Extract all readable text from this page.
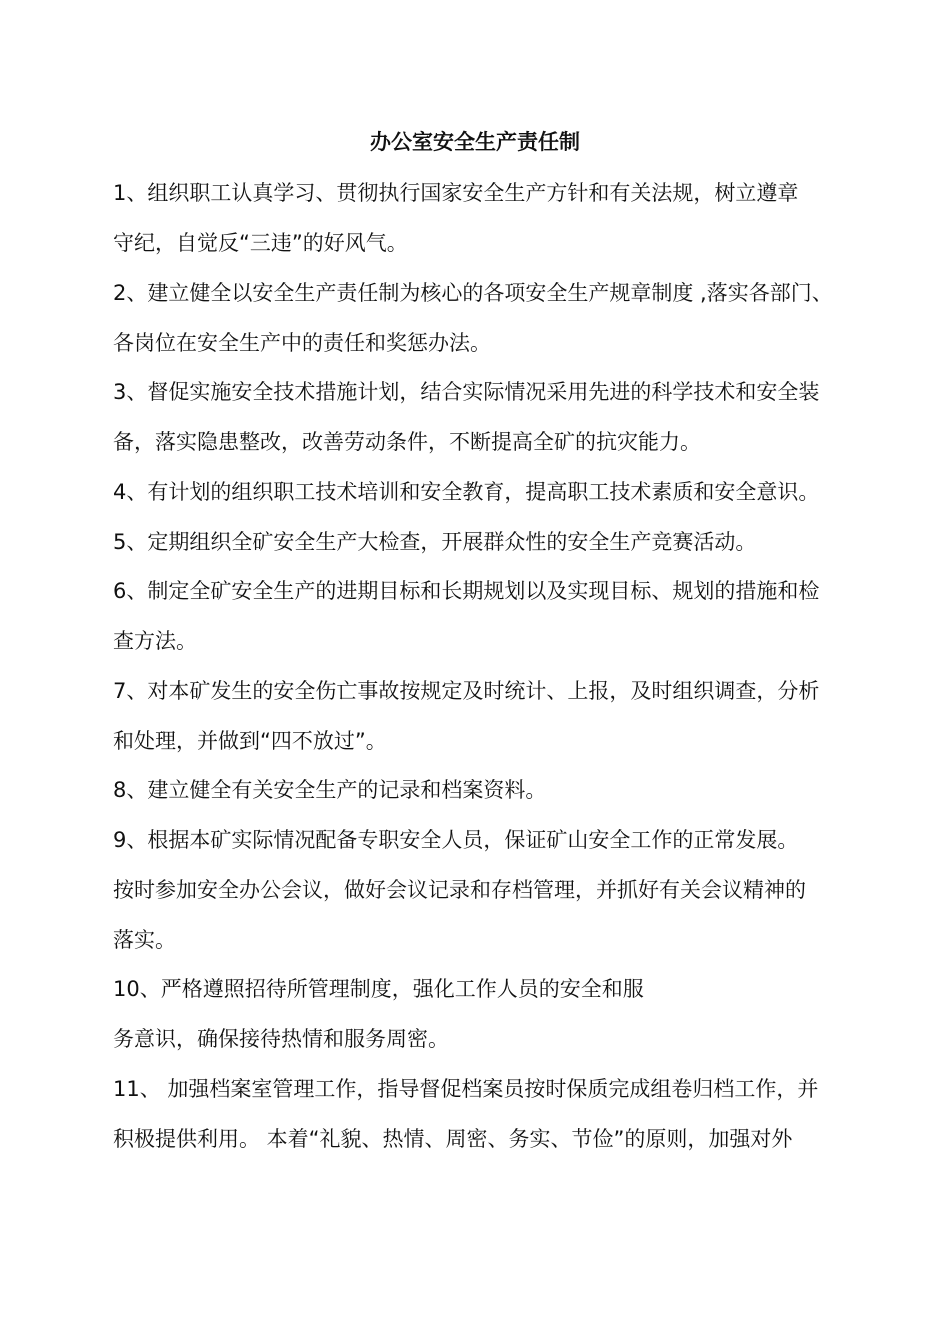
办公室安全生产责任制
1、组织职工认真学习、贯彻执行国家安全生产方针和有关法规，树立遵章
守纪，自觉反“三违”的好风气。
2、建立健全以安全生产责任制为核心的各项安全生产规章制度 ,落实各部门、
各岗位在安全生产中的责任和奖惩办法。
3、督促实施安全技术措施计划，结合实际情况采用先进的科学技术和安全装
备，落实隐患整改，改善劳动条件，不断提高全矿的抗灾能力。
4、有计划的组织职工技术培训和安全教育，提高职工技术素质和安全意识。
5、定期组织全矿安全生产大检查，开展群众性的安全生产竞赛活动。
6、制定全矿安全生产的进期目标和长期规划以及实现目标、规划的措施和检
查方法。
7、对本矿发生的安全伤亡事故按规定及时统计、上报，及时组织调查，分析
和处理，并做到“四不放过”。
8、建立健全有关安全生产的记录和档案资料。
9、根据本矿实际情况配备专职安全人员，保证矿山安全工作的正常发展。
按时参加安全办公会议，做好会议记录和存档管理，并抓好有关会议精神的
落实。
10、严格遵照招待所管理制度，强化工作人员的安全和服
务意识，确保接待热情和服务周密。
11、 加强档案室管理工作，指导督促档案员按时保质完成组卷归档工作，并
积极提供利用。 本着“礼貌、热情、周密、务实、节俭”的原则，加强对外
